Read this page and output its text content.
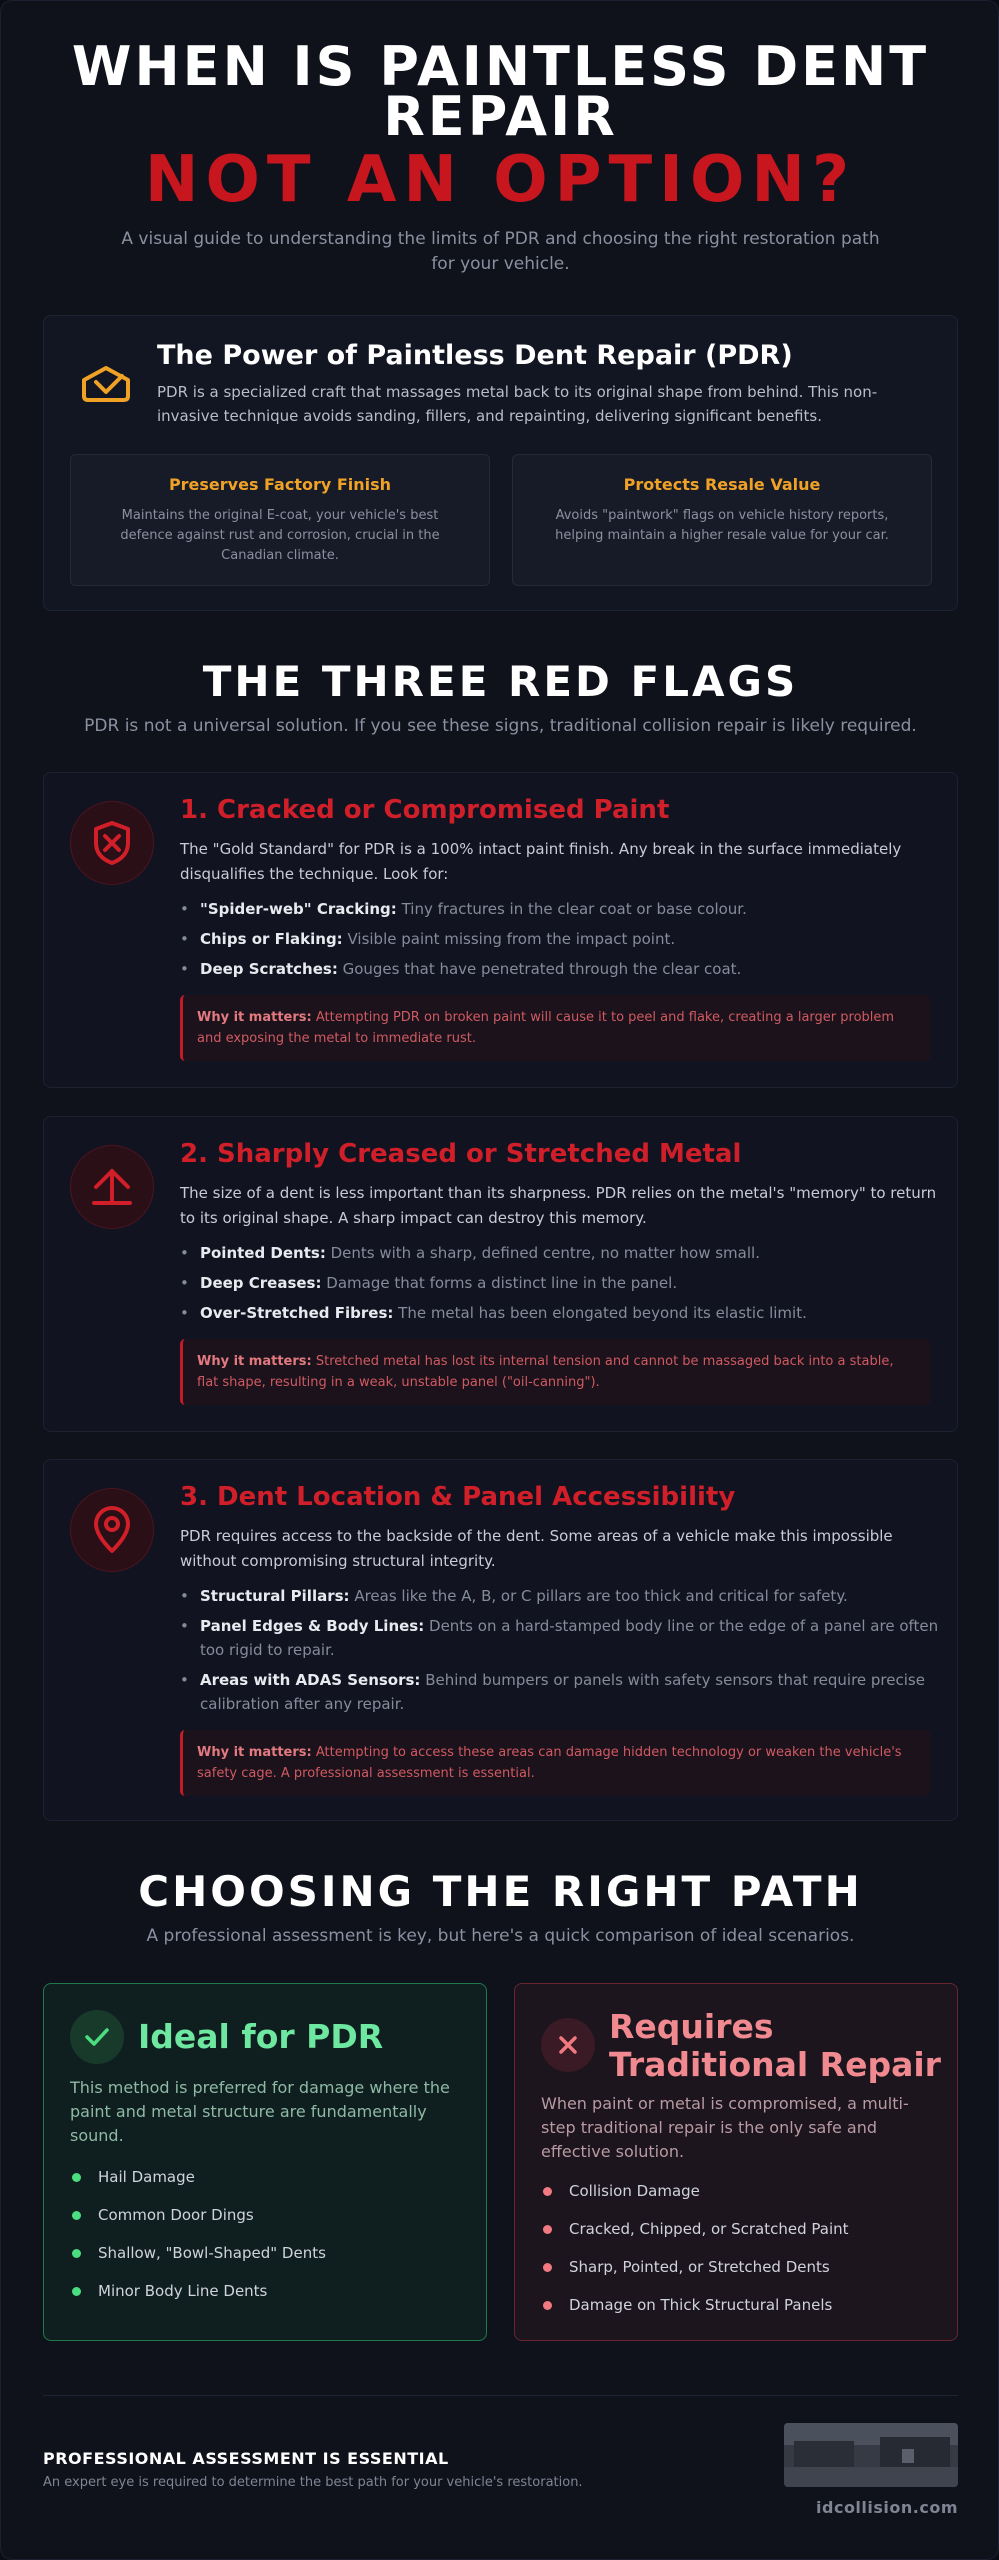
WHEN IS PAINTLESS DENT
REPAIR
NOT AN OPTION?
A visual guide to understanding the limits of PDR and choosing the right restoration path
for your vehicle.
The Power of Paintless Dent Repair (PDR)
PDR is a specialized craft that massages metal back to its original shape from behind. This non-invasive technique avoids sanding, fillers, and repainting, delivering significant benefits.
Preserves Factory Finish
Maintains the original E-coat, your vehicle's best defence against rust and corrosion, crucial in the Canadian climate.
Protects Resale Value
Avoids "paintwork" flags on vehicle history reports, helping maintain a higher resale value for your car.
THE THREE RED FLAGS
PDR is not a universal solution. If you see these signs, traditional collision repair is likely required.
1. Cracked or Compromised Paint
The "Gold Standard" for PDR is a 100% intact paint finish. Any break in the surface immediately disqualifies the technique. Look for:
• "Spider-web" Cracking: Tiny fractures in the clear coat or base colour.
• Chips or Flaking: Visible paint missing from the impact point.
• Deep Scratches: Gouges that have penetrated through the clear coat.
Why it matters: Attempting PDR on broken paint will cause it to peel and flake, creating a larger problem and exposing the metal to immediate rust.
2. Sharply Creased or Stretched Metal
The size of a dent is less important than its sharpness. PDR relies on the metal's "memory" to return to its original shape. A sharp impact can destroy this memory.
• Pointed Dents: Dents with a sharp, defined centre, no matter how small.
• Deep Creases: Damage that forms a distinct line in the panel.
• Over-Stretched Fibres: The metal has been elongated beyond its elastic limit.
Why it matters: Stretched metal has lost its internal tension and cannot be massaged back into a stable, flat shape, resulting in a weak, unstable panel ("oil-canning").
3. Dent Location & Panel Accessibility
PDR requires access to the backside of the dent. Some areas of a vehicle make this impossible without compromising structural integrity.
• Structural Pillars: Areas like the A, B, or C pillars are too thick and critical for safety.
• Panel Edges & Body Lines: Dents on a hard-stamped body line or the edge of a panel are often too rigid to repair.
• Areas with ADAS Sensors: Behind bumpers or panels with safety sensors that require precise calibration after any repair.
Why it matters: Attempting to access these areas can damage hidden technology or weaken the vehicle's safety cage. A professional assessment is essential.
CHOOSING THE RIGHT PATH
A professional assessment is key, but here's a quick comparison of ideal scenarios.
Ideal for PDR
This method is preferred for damage where the paint and metal structure are fundamentally sound.
Hail Damage
Common Door Dings
Shallow, "Bowl-Shaped" Dents
Minor Body Line Dents
Requires
Traditional Repair
When paint or metal is compromised, a multi-step traditional repair is the only safe and effective solution.
Collision Damage
Cracked, Chipped, or Scratched Paint
Sharp, Pointed, or Stretched Dents
Damage on Thick Structural Panels
PROFESSIONAL ASSESSMENT IS ESSENTIAL
An expert eye is required to determine the best path for your vehicle's restoration.
idcollision.com
